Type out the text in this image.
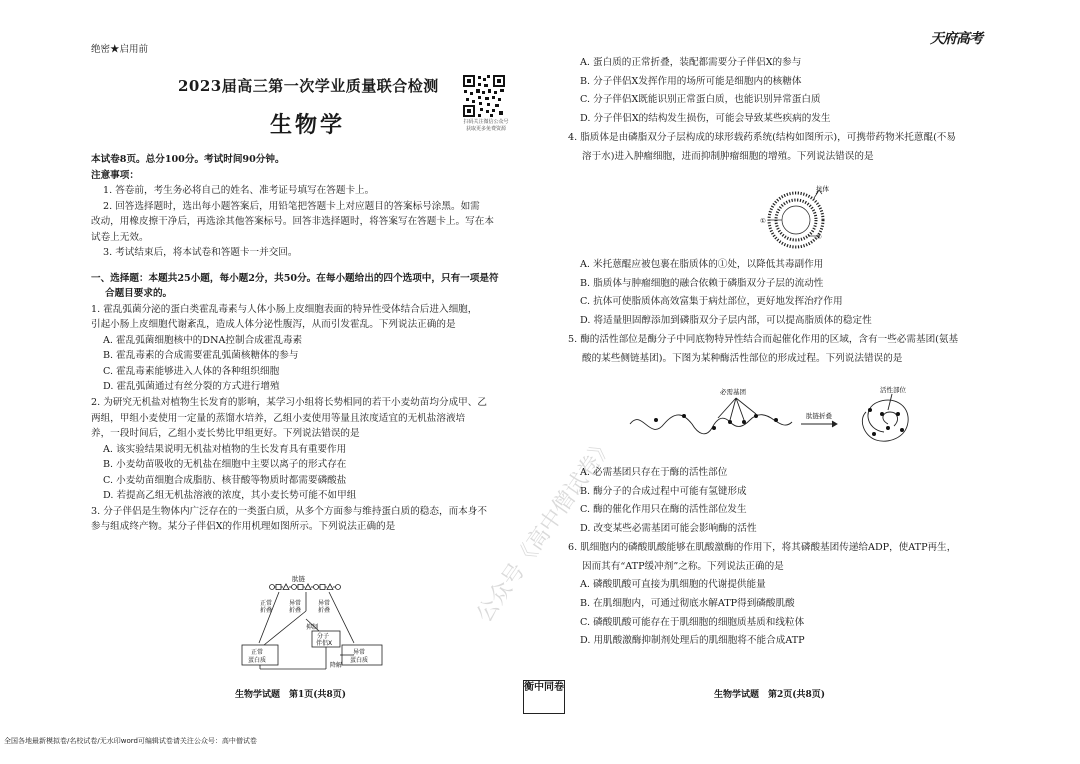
绝密★启用前
2023届高三第一次学业质量联合检测
生物学	扫码关注微信公众号
获取更多免费资源

本试卷8页。总分100分。考试时间90分钟。

注意事项：

1. 答卷前，考生务必将自己的姓名、准考证号填写在答题卡上。

2. 回答选择题时，选出每小题答案后，用铅笔把答题卡上对应题目的答案标号涂黑。如需

改动，用橡皮擦干净后，再选涂其他答案标号。回答非选择题时，将答案写在答题卡上。写在本

试卷上无效。

3. 考试结束后，将本试卷和答题卡一并交回。

一、选择题：本题共25小题，每小题2分，共50分。在每小题给出的四个选项中，只有一项是符

合题目要求的。

1. 霍乱弧菌分泌的蛋白类霍乱毒素与人体小肠上皮细胞表面的特异性受体结合后进入细胞，

引起小肠上皮细胞代谢紊乱，造成人体分泌性腹泻，从而引发霍乱。下列说法正确的是

A. 霍乱弧菌细胞核中的DNA控制合成霍乱毒素

B. 霍乱毒素的合成需要霍乱弧菌核糖体的参与

C. 霍乱毒素能够进入人体的各种组织细胞

D. 霍乱弧菌通过有丝分裂的方式进行增殖

2. 为研究无机盐对植物生长发育的影响，某学习小组将长势相同的若干小麦幼苗均分成甲、乙

两组，甲组小麦使用一定量的蒸馏水培养，乙组小麦使用等量且浓度适宜的无机盐溶液培

养，一段时间后，乙组小麦长势比甲组更好。下列说法错误的是

A. 该实验结果说明无机盐对植物的生长发育具有重要作用

B. 小麦幼苗吸收的无机盐在细胞中主要以离子的形式存在

C. 小麦幼苗细胞合成脂肪、核苷酸等物质时都需要磷酸盐

D. 若提高乙组无机盐溶液的浓度，其小麦长势可能不如甲组

3. 分子伴侣是生物体内广泛存在的一类蛋白质，从多个方面参与维持蛋白质的稳态，而本身不

参与组成终产物。某分子伴侣X的作用机理如图所示。下列说法正确的是

肽链
正常
折叠
异常
折叠
异常
折叠
抑制
分子
伴侣X
正常
蛋白质
异常
蛋白质
降解
生物学试题　第1页(共8页)
衡中同卷
公众号《高中僧试卷》
天府高考

A. 蛋白质的正常折叠，装配都需要分子伴侣X的参与

B. 分子伴侣X发挥作用的场所可能是细胞内的核糖体

C. 分子伴侣X既能识别正常蛋白质，也能识别异常蛋白质

D. 分子伴侣X的结构发生损伤，可能会导致某些疾病的发生

4. 脂质体是由磷脂双分子层构成的球形载药系统(结构如图所示)，可携带药物米托蒽醌(不易

溶于水)进入肿瘤细胞，进而抑制肿瘤细胞的增殖。下列说法错误的是

抗体
①
②

A. 米托蒽醌应被包裹在脂质体的①处，以降低其毒副作用

B. 脂质体与肿瘤细胞的融合依赖于磷脂双分子层的流动性

C. 抗体可使脂质体高效富集于病灶部位，更好地发挥治疗作用

D. 将适量胆固醇添加到磷脂双分子层内部，可以提高脂质体的稳定性

5. 酶的活性部位是酶分子中同底物特异性结合而起催化作用的区域，含有一些必需基团(氨基

酸的某些侧链基团)。下图为某种酶活性部位的形成过程。下列说法错误的是

必需基团
肽链折叠
活性部位

A. 必需基团只存在于酶的活性部位

B. 酶分子的合成过程中可能有氢键形成

C. 酶的催化作用只在酶的活性部位发生

D. 改变某些必需基团可能会影响酶的活性

6. 肌细胞内的磷酸肌酸能够在肌酸激酶的作用下，将其磷酸基团传递给ADP，使ATP再生，

因而其有“ATP缓冲剂”之称。下列说法正确的是

A. 磷酸肌酸可直接为肌细胞的代谢提供能量

B. 在肌细胞内，可通过彻底水解ATP得到磷酸肌酸

C. 磷酸肌酸可能存在于肌细胞的细胞质基质和线粒体

D. 用肌酸激酶抑制剂处理后的肌细胞将不能合成ATP

生物学试题　第2页(共8页)
全国各地最新模拟卷/名校试卷/无水印word可编辑试卷请关注公众号：高中僧试卷
